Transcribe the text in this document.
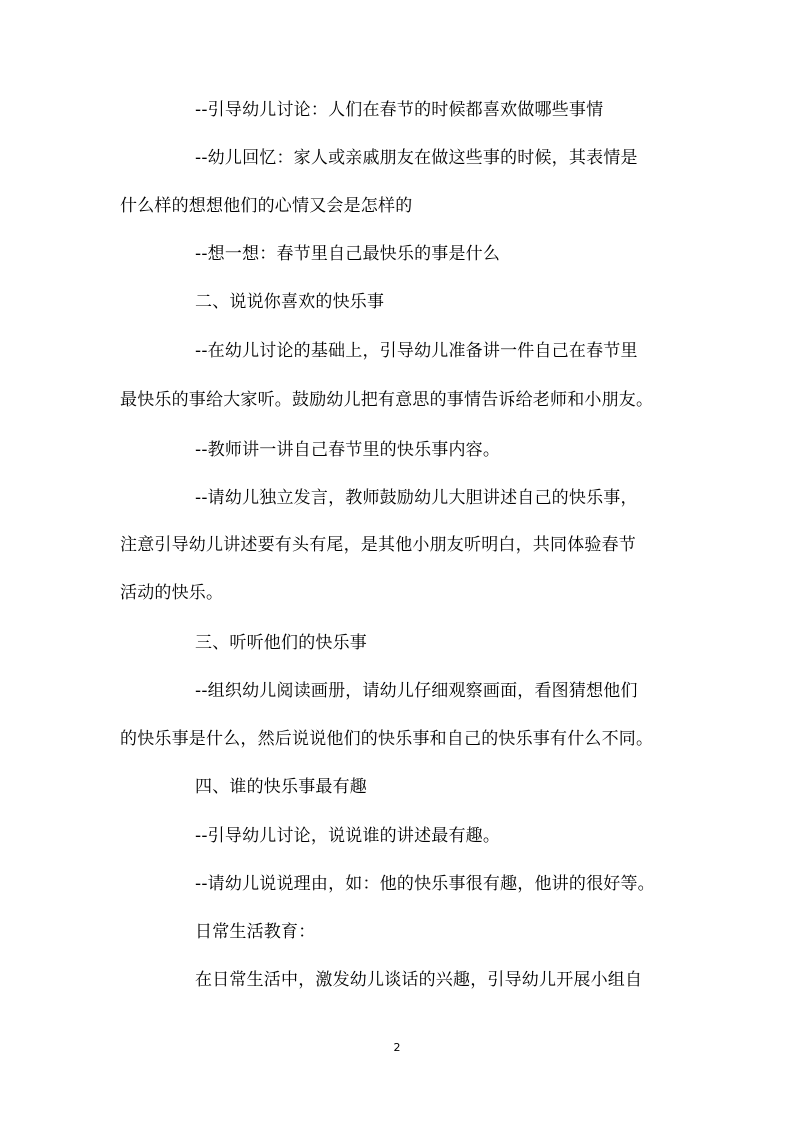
--引导幼儿讨论：人们在春节的时候都喜欢做哪些事情
--幼儿回忆：家人或亲戚朋友在做这些事的时候，其表情是
什么样的想想他们的心情又会是怎样的
--想一想：春节里自己最快乐的事是什么
二、说说你喜欢的快乐事
--在幼儿讨论的基础上，引导幼儿准备讲一件自己在春节里
最快乐的事给大家听。鼓励幼儿把有意思的事情告诉给老师和小朋友。
--教师讲一讲自己春节里的快乐事内容。
--请幼儿独立发言，教师鼓励幼儿大胆讲述自己的快乐事，
注意引导幼儿讲述要有头有尾，是其他小朋友听明白，共同体验春节
活动的快乐。
三、听听他们的快乐事
--组织幼儿阅读画册，请幼儿仔细观察画面，看图猜想他们
的快乐事是什么，然后说说他们的快乐事和自己的快乐事有什么不同。
四、谁的快乐事最有趣
--引导幼儿讨论，说说谁的讲述最有趣。
--请幼儿说说理由，如：他的快乐事很有趣，他讲的很好等。
日常生活教育：
在日常生活中，激发幼儿谈话的兴趣，引导幼儿开展小组自
2
